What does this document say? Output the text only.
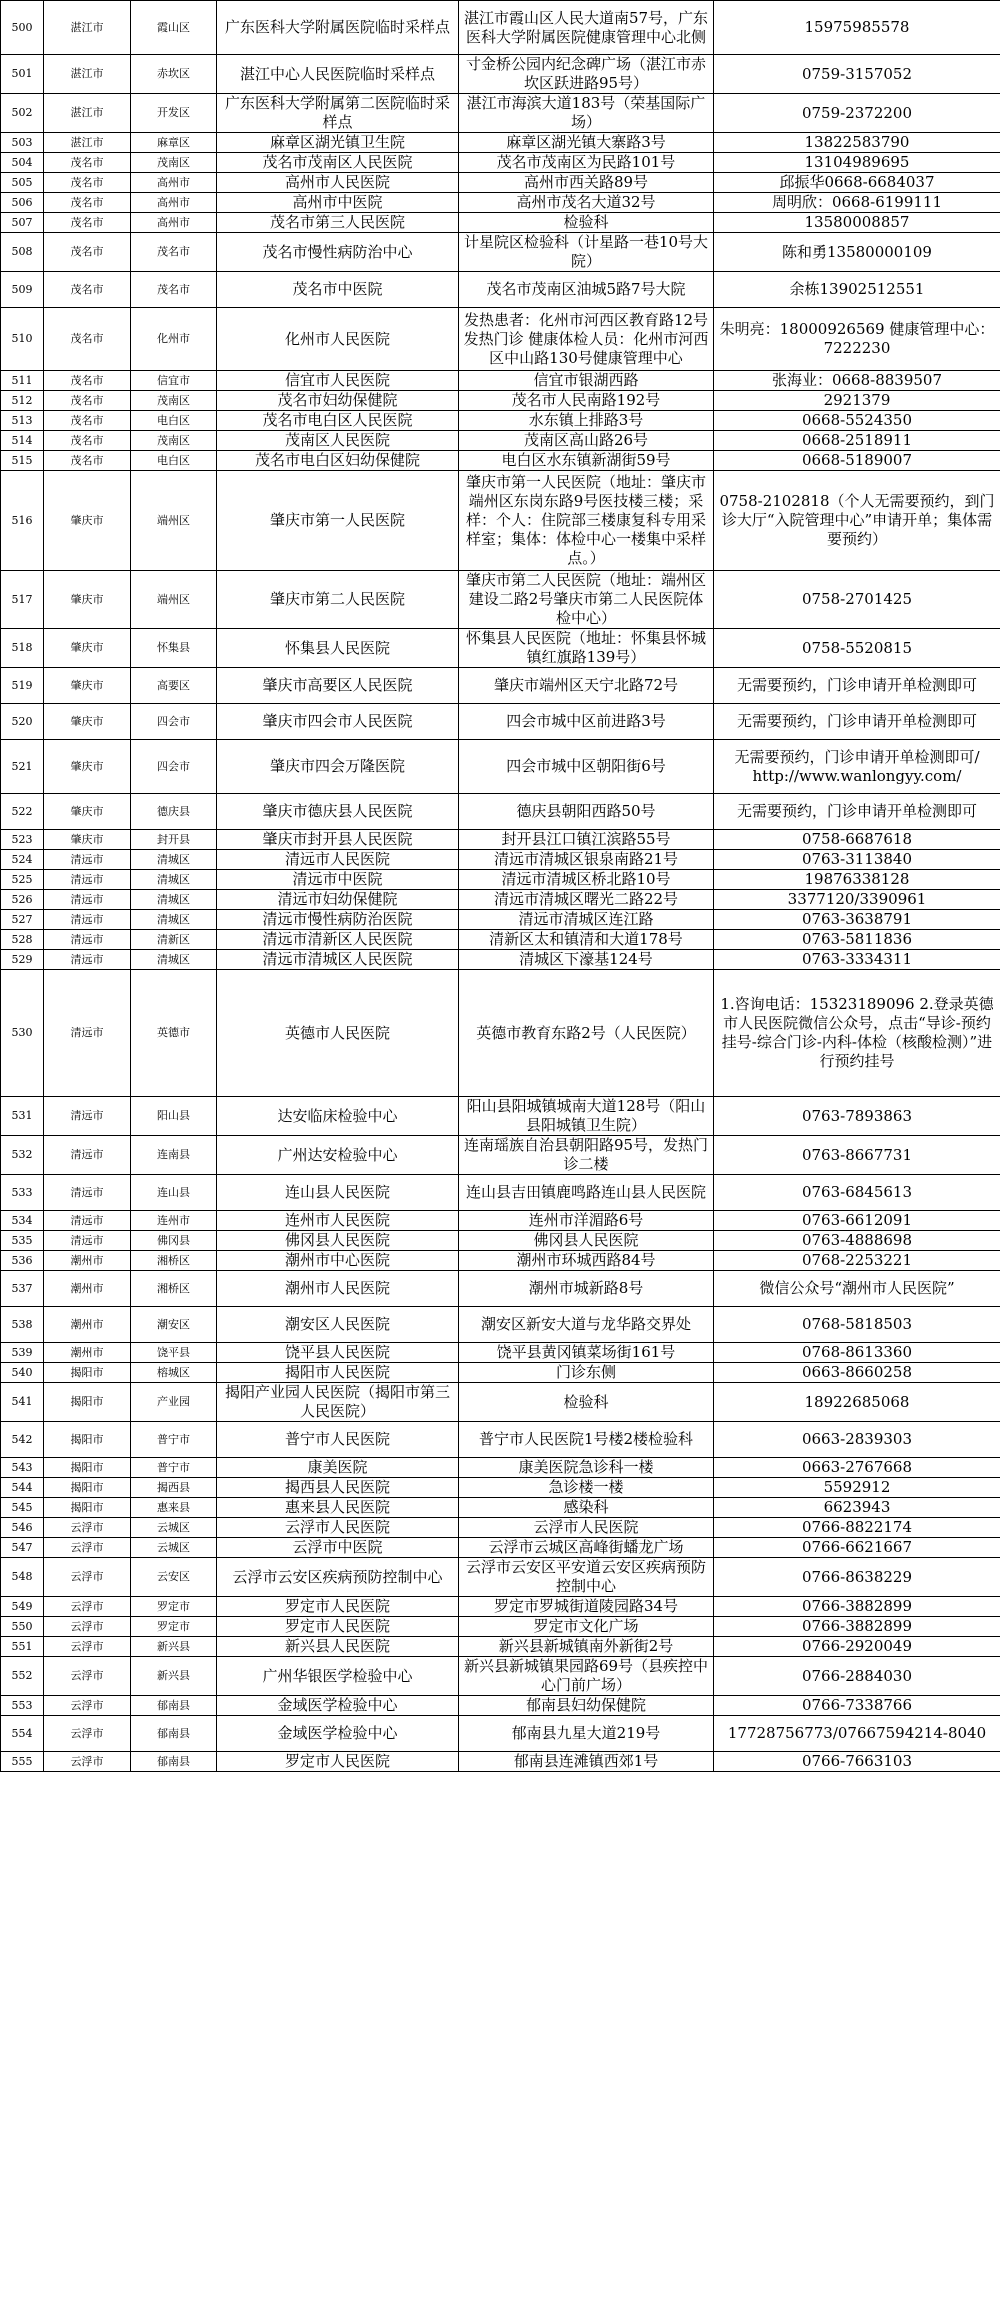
500	湛江市	霞山区	广东医科大学附属医院临时采样点	湛江市霞山区人民大道南57号，广东医科大学附属医院健康管理中心北侧	15975985578
501	湛江市	赤坎区	湛江中心人民医院临时采样点	寸金桥公园内纪念碑广场（湛江市赤坎区跃进路95号）	0759-3157052
502	湛江市	开发区	广东医科大学附属第二医院临时采样点	湛江市海滨大道183号（荣基国际广场）	0759-2372200
503	湛江市	麻章区	麻章区湖光镇卫生院	麻章区湖光镇大寨路3号	13822583790
504	茂名市	茂南区	茂名市茂南区人民医院	茂名市茂南区为民路101号	13104989695
505	茂名市	高州市	高州市人民医院	高州市西关路89号	邱振华0668-6684037
506	茂名市	高州市	高州市中医院	高州市茂名大道32号	周明欣：0668-6199111
507	茂名市	高州市	茂名市第三人民医院	检验科	13580008857
508	茂名市	茂名市	茂名市慢性病防治中心	计星院区检验科（计星路一巷10号大院）	陈和勇13580000109
509	茂名市	茂名市	茂名市中医院	茂名市茂南区油城5路7号大院	余栋13902512551
510	茂名市	化州市	化州市人民医院	发热患者：化州市河西区教育路12号发热门诊 健康体检人员：化州市河西区中山路130号健康管理中心	朱明亮：18000926569 健康管理中心：7222230
511	茂名市	信宜市	信宜市人民医院	信宜市银湖西路	张海业：0668-8839507
512	茂名市	茂南区	茂名市妇幼保健院	茂名市人民南路192号	2921379
513	茂名市	电白区	茂名市电白区人民医院	水东镇上排路3号	0668-5524350
514	茂名市	茂南区	茂南区人民医院	茂南区高山路26号	0668-2518911
515	茂名市	电白区	茂名市电白区妇幼保健院	电白区水东镇新湖街59号	0668-5189007
516	肇庆市	端州区	肇庆市第一人民医院	肇庆市第一人民医院（地址：肇庆市端州区东岗东路9号医技楼三楼；采样：个人：住院部三楼康复科专用采样室；集体：体检中心一楼集中采样点。）	0758-2102818（个人无需要预约，到门诊大厅“入院管理中心”申请开单；集体需要预约）
517	肇庆市	端州区	肇庆市第二人民医院	肇庆市第二人民医院（地址：端州区建设二路2号肇庆市第二人民医院体检中心）	0758-2701425
518	肇庆市	怀集县	怀集县人民医院	怀集县人民医院（地址：怀集县怀城镇红旗路139号）	0758-5520815
519	肇庆市	高要区	肇庆市高要区人民医院	肇庆市端州区天宁北路72号	无需要预约，门诊申请开单检测即可
520	肇庆市	四会市	肇庆市四会市人民医院	四会市城中区前进路3号	无需要预约，门诊申请开单检测即可
521	肇庆市	四会市	肇庆市四会万隆医院	四会市城中区朝阳街6号	无需要预约，门诊申请开单检测即可/ http://www.wanlongyy.com/
522	肇庆市	德庆县	肇庆市德庆县人民医院	德庆县朝阳西路50号	无需要预约，门诊申请开单检测即可
523	肇庆市	封开县	肇庆市封开县人民医院	封开县江口镇江滨路55号	0758-6687618
524	清远市	清城区	清远市人民医院	清远市清城区银泉南路21号	0763-3113840
525	清远市	清城区	清远市中医院	清远市清城区桥北路10号	19876338128
526	清远市	清城区	清远市妇幼保健院	清远市清城区曙光二路22号	3377120/3390961
527	清远市	清城区	清远市慢性病防治医院	清远市清城区连江路	0763-3638791
528	清远市	清新区	清远市清新区人民医院	清新区太和镇清和大道178号	0763-5811836
529	清远市	清城区	清远市清城区人民医院	清城区下濠基124号	0763-3334311
530	清远市	英德市	英德市人民医院	英德市教育东路2号（人民医院）	1.咨询电话：15323189096 2.登录英德市人民医院微信公众号，点击“导诊-预约挂号-综合门诊-内科-体检（核酸检测）”进行预约挂号
531	清远市	阳山县	达安临床检验中心	阳山县阳城镇城南大道128号（阳山县阳城镇卫生院）	0763-7893863
532	清远市	连南县	广州达安检验中心	连南瑶族自治县朝阳路95号，发热门诊二楼	0763-8667731
533	清远市	连山县	连山县人民医院	连山县吉田镇鹿鸣路连山县人民医院	0763-6845613
534	清远市	连州市	连州市人民医院	连州市洋湄路6号	0763-6612091
535	清远市	佛冈县	佛冈县人民医院	佛冈县人民医院	0763-4888698
536	潮州市	湘桥区	潮州市中心医院	潮州市环城西路84号	0768-2253221
537	潮州市	湘桥区	潮州市人民医院	潮州市城新路8号	微信公众号“潮州市人民医院”
538	潮州市	潮安区	潮安区人民医院	潮安区新安大道与龙华路交界处	0768-5818503
539	潮州市	饶平县	饶平县人民医院	饶平县黄冈镇菜场街161号	0768-8613360
540	揭阳市	榕城区	揭阳市人民医院	门诊东侧	0663-8660258
541	揭阳市	产业园	揭阳产业园人民医院（揭阳市第三人民医院）	检验科	18922685068
542	揭阳市	普宁市	普宁市人民医院	普宁市人民医院1号楼2楼检验科	0663-2839303
543	揭阳市	普宁市	康美医院	康美医院急诊科一楼	0663-2767668
544	揭阳市	揭西县	揭西县人民医院	急诊楼一楼	5592912
545	揭阳市	惠来县	惠来县人民医院	感染科	6623943
546	云浮市	云城区	云浮市人民医院	云浮市人民医院	0766-8822174
547	云浮市	云城区	云浮市中医院	云浮市云城区高峰街蟠龙广场	0766-6621667
548	云浮市	云安区	云浮市云安区疾病预防控制中心	云浮市云安区平安道云安区疾病预防控制中心	0766-8638229
549	云浮市	罗定市	罗定市人民医院	罗定市罗城街道陵园路34号	0766-3882899
550	云浮市	罗定市	罗定市人民医院	罗定市文化广场	0766-3882899
551	云浮市	新兴县	新兴县人民医院	新兴县新城镇南外新街2号	0766-2920049
552	云浮市	新兴县	广州华银医学检验中心	新兴县新城镇果园路69号（县疾控中心门前广场）	0766-2884030
553	云浮市	郁南县	金域医学检验中心	郁南县妇幼保健院	0766-7338766
554	云浮市	郁南县	金域医学检验中心	郁南县九星大道219号	17728756773/07667594214-8040
555	云浮市	郁南县	罗定市人民医院	郁南县连滩镇西郊1号	0766-7663103
